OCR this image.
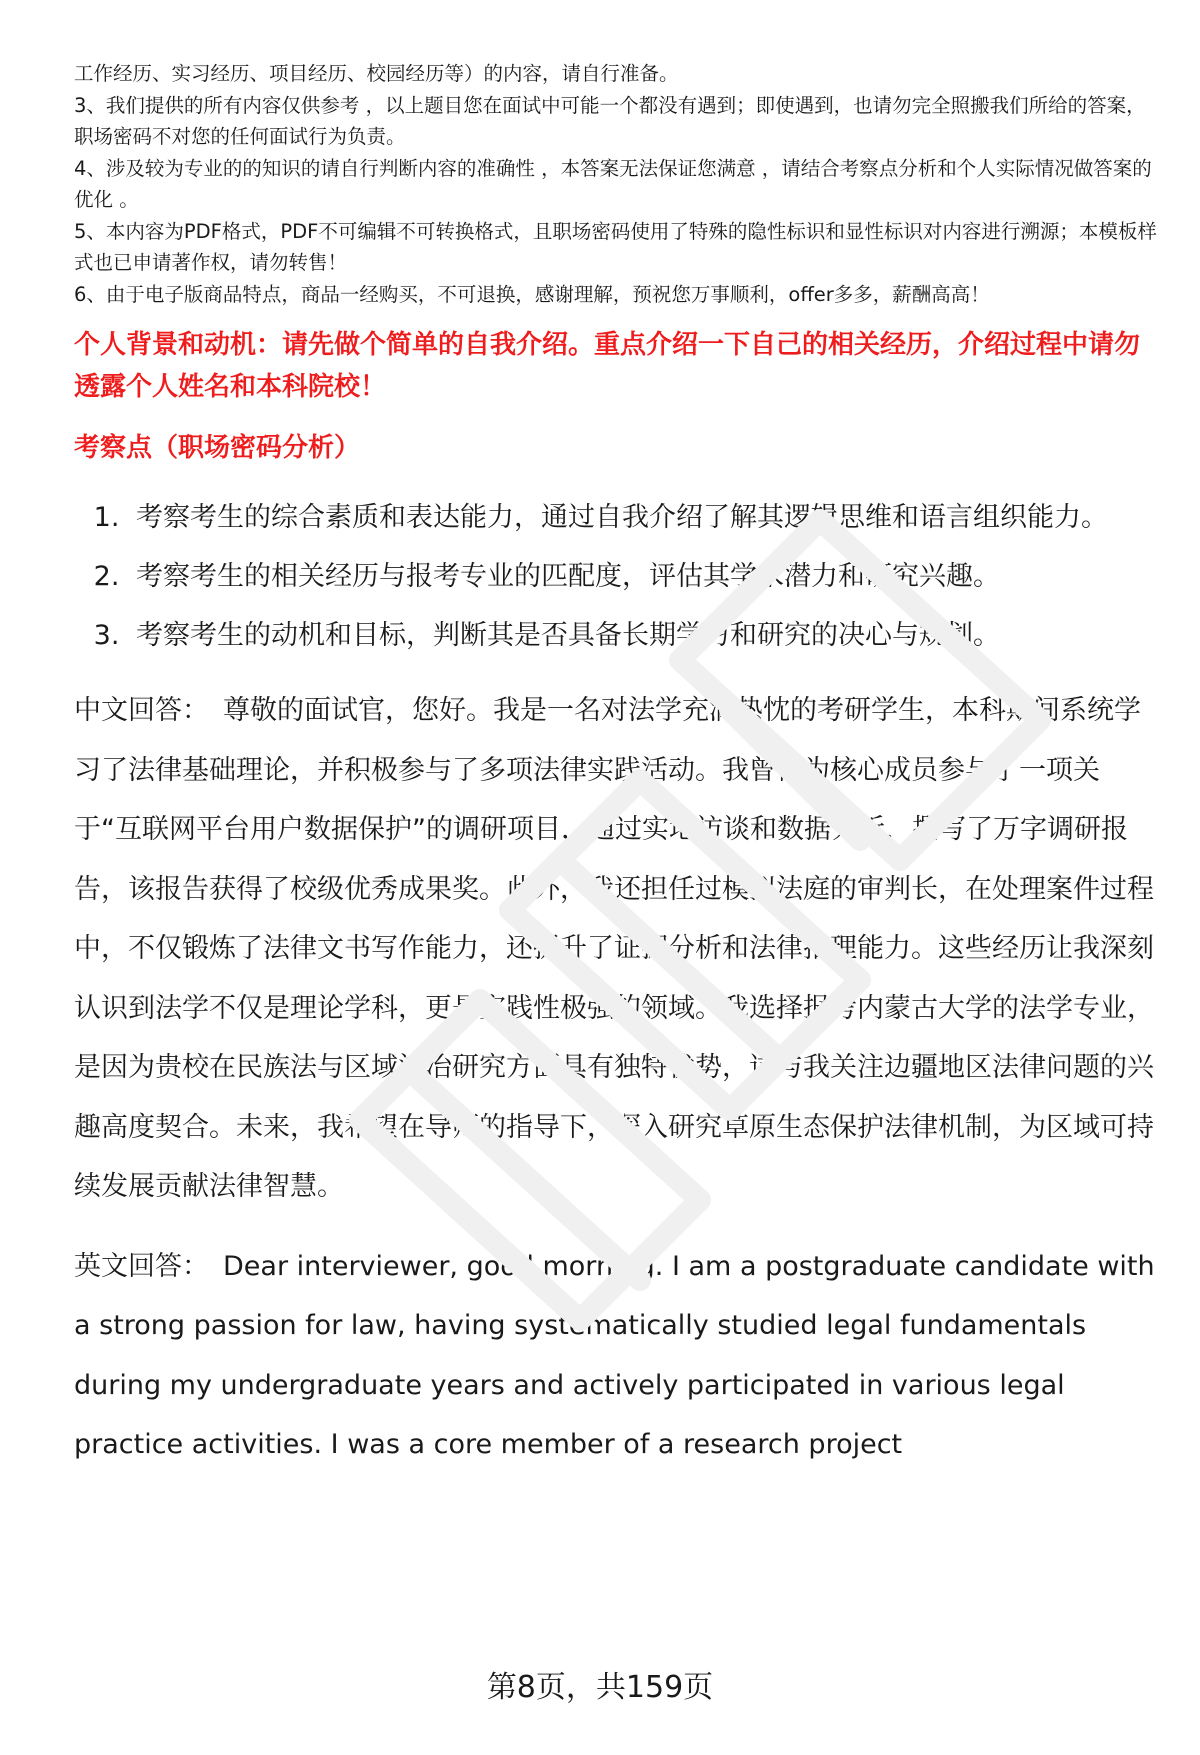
工作经历、实习经历、项目经历、校园经历等）的内容，请自行准备。

3、我们提供的所有内容仅供参考 ，以上题目您在面试中可能一个都没有遇到；即使遇到，也请勿完全照搬我们所给的答案，职场密码不对您的任何面试行为负责。

4、涉及较为专业的的知识的请自行判断内容的准确性 ，本答案无法保证您满意 ，请结合考察点分析和个人实际情况做答案的优化 。

5、本内容为PDF格式，PDF不可编辑不可转换格式，且职场密码使用了特殊的隐性标识和显性标识对内容进行溯源；本模板样式也已申请著作权，请勿转售！

6、由于电子版商品特点，商品一经购买，不可退换，感谢理解，预祝您万事顺利，offer多多，薪酬高高！

个人背景和动机：请先做个简单的自我介绍。重点介绍一下自己的相关经历，介绍过程中请勿透露个人姓名和本科院校！
考察点（职场密码分析）
1. 考察考生的综合素质和表达能力，通过自我介绍了解其逻辑思维和语言组织能力。
2. 考察考生的相关经历与报考专业的匹配度，评估其学术潜力和研究兴趣。
3. 考察考生的动机和目标，判断其是否具备长期学习和研究的决心与规划。
中文回答： 尊敬的面试官，您好。我是一名对法学充满热忱的考研学生，本科期间系统学习了法律基础理论，并积极参与了多项法律实践活动。我曾作为核心成员参与了一项关于“互联网平台用户数据保护”的调研项目，通过实地访谈和数据分析，撰写了万字调研报告，该报告获得了校级优秀成果奖。此外，我还担任过模拟法庭的审判长，在处理案件过程中，不仅锻炼了法律文书写作能力，还提升了证据分析和法律推理能力。这些经历让我深刻认识到法学不仅是理论学科，更是实践性极强的领域。我选择报考内蒙古大学的法学专业，是因为贵校在民族法与区域法治研究方面具有独特优势，这与我关注边疆地区法律问题的兴趣高度契合。未来，我希望在导师的指导下，深入研究草原生态保护法律机制，为区域可持续发展贡献法律智慧。
英文回答： Dear interviewer, good morning. I am a postgraduate candidate with a strong passion for law, having systematically studied legal fundamentals during my undergraduate years and actively participated in various legal practice activities. I was a core member of a research project
第8页，共159页
